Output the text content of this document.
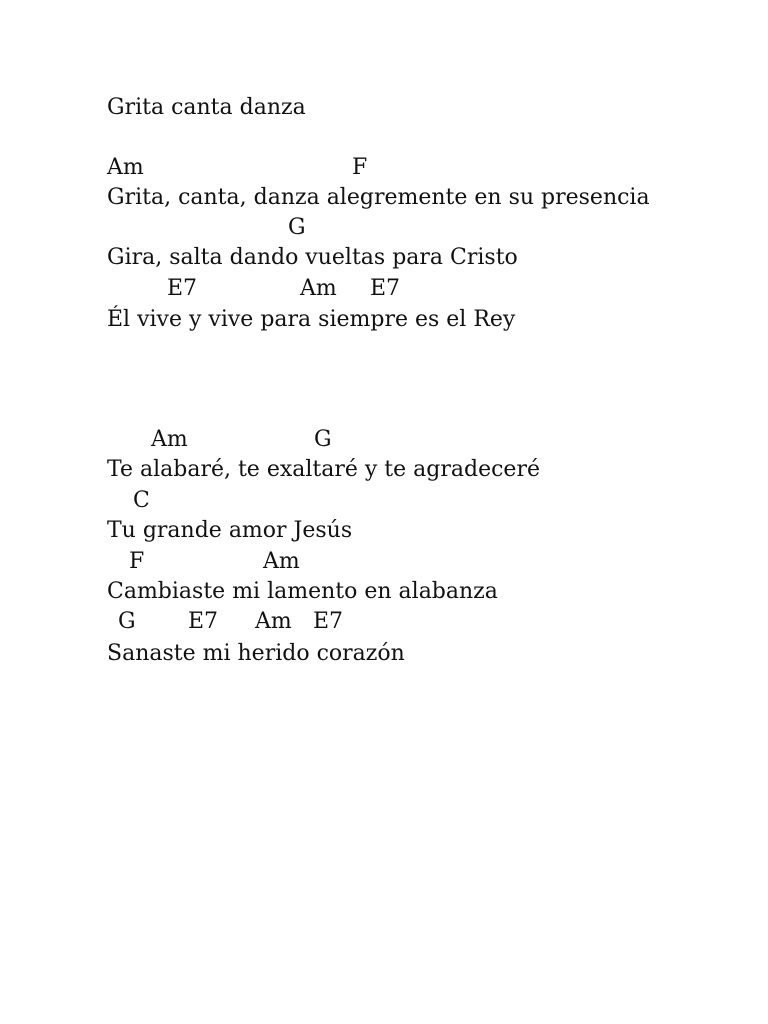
Grita canta danza

Am	F

Grita, canta, danza alegremente en su presencia

G

Gira, salta dando vueltas para Cristo

E7	Am E7

Él vive y vive para siempre es el Rey

Am	G

Te alabaré, te exaltaré y te agradeceré

C

Tu grande amor Jesús

F	Am

Cambiaste mi lamento en alabanza

G E7 Am E7

Sanaste mi herido corazón
